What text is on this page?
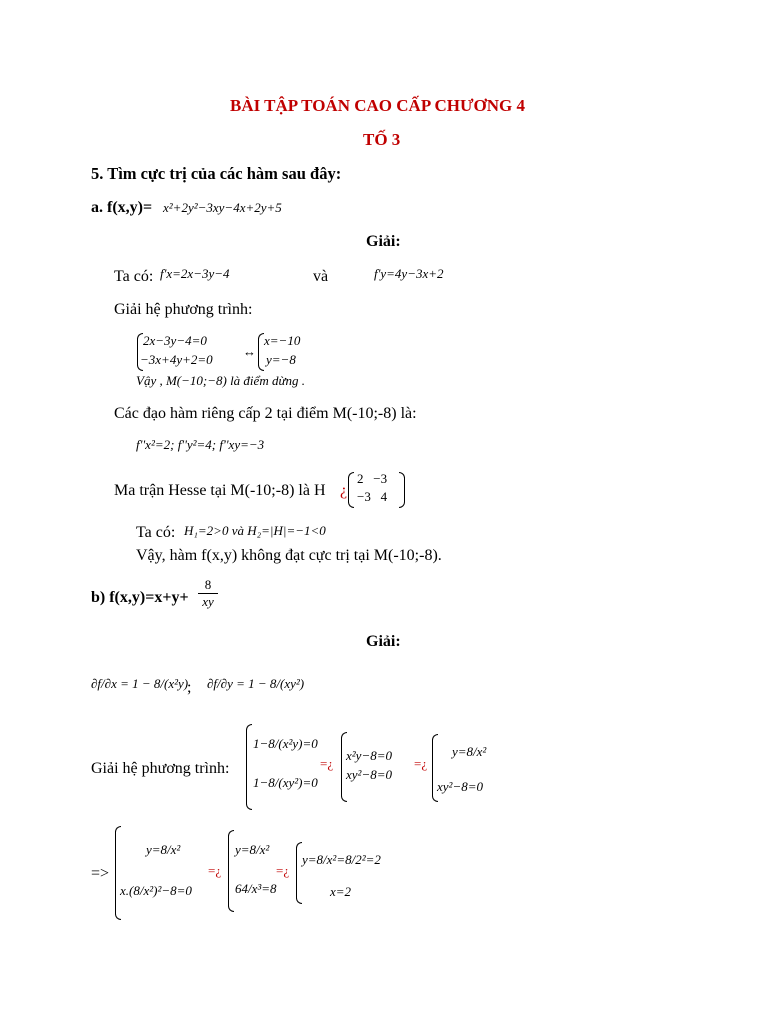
BÀI TẬP TOÁN CAO CẤP CHƯƠNG 4
TỐ 3
5. Tìm cực trị của các hàm sau đây:
a. f(x,y)= x²+2y²−3xy−4x+2y+5
Giải:
Ta có: f'x=2x−3y−4	và	f'y=4y−3x+2
Giải hệ phương trình:
2x−3y−4=0
−3x+4y+2=0
↔
x=−10
y=−8
Vậy , M(−10;−8) là điểm dừng .
Các đạo hàm riêng cấp 2 tại điểm M(-10;-8) là:
f''x²=2; f''y²=4; f''xy=−3
Ma trận Hesse tại M(-10;-8) là H ¿
2   −3
−3   4
Ta có: H₁=2>0 và H₂=|H|=−1<0
Vậy, hàm f(x,y) không đạt cực trị tại M(-10;-8).
b) f(x,y)=x+y+
8
xy
Giải:
∂f/∂x = 1 − 8/(x²y)
; ∂f/∂y = 1 − 8/(xy²)
Giải hệ phương trình:
1−8/(x²y)=0
1−8/(xy²)=0
=¿
x²y−8=0
xy²−8=0
=¿
y=8/x²
xy²−8=0
=>
y=8/x²
x.(8/x²)²−8=0
=¿
y=8/x²
64/x³=8
=¿
y=8/x²=8/2²=2
x=2
